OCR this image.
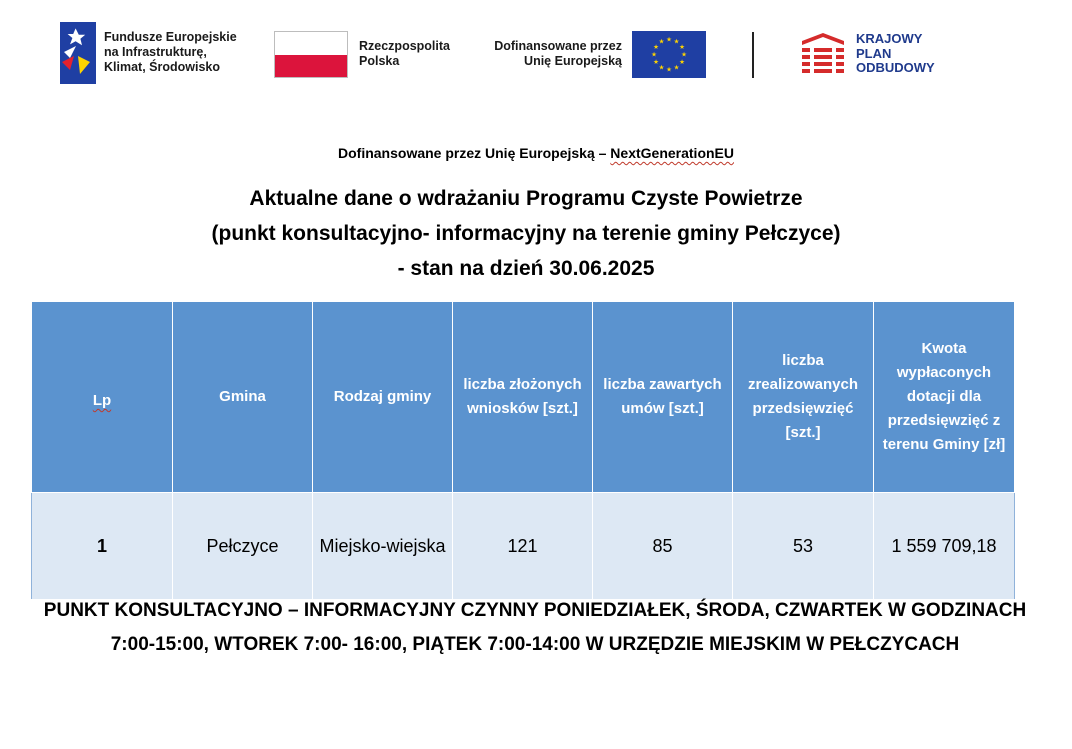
Fundusze Europejskie
na Infrastrukturę,
Klimat, Środowisko
Rzeczpospolita
Polska
Dofinansowane przez
Unię Europejską
★ ★
★
★
★
★
★
★
★
★
★
★	KRAJOWY
PLAN
ODBUDOWY
Dofinansowane przez Unię Europejską – NextGenerationEU
Aktualne dane o wdrażaniu Programu Czyste Powietrze
(punkt konsultacyjno- informacyjny na terenie gminy Pełczyce)
- stan na dzień 30.06.2025
Lp	Gmina	Rodzaj gminy	liczba złożonych wniosków [szt.]	liczba zawartych umów [szt.]	liczba zrealizowanych przedsięwzięć [szt.]	Kwota wypłaconych dotacji dla przedsięwzięć z terenu Gminy [zł]
1	Pełczyce	Miejsko-wiejska	121	85	53	1 559 709,18
PUNKT KONSULTACYJNO – INFORMACYJNY CZYNNY PONIEDZIAŁEK, ŚRODA, CZWARTEK W GODZINACH 7:00-15:00, WTOREK 7:00- 16:00, PIĄTEK 7:00-14:00 W URZĘDZIE MIEJSKIM W PEŁCZYCACH
